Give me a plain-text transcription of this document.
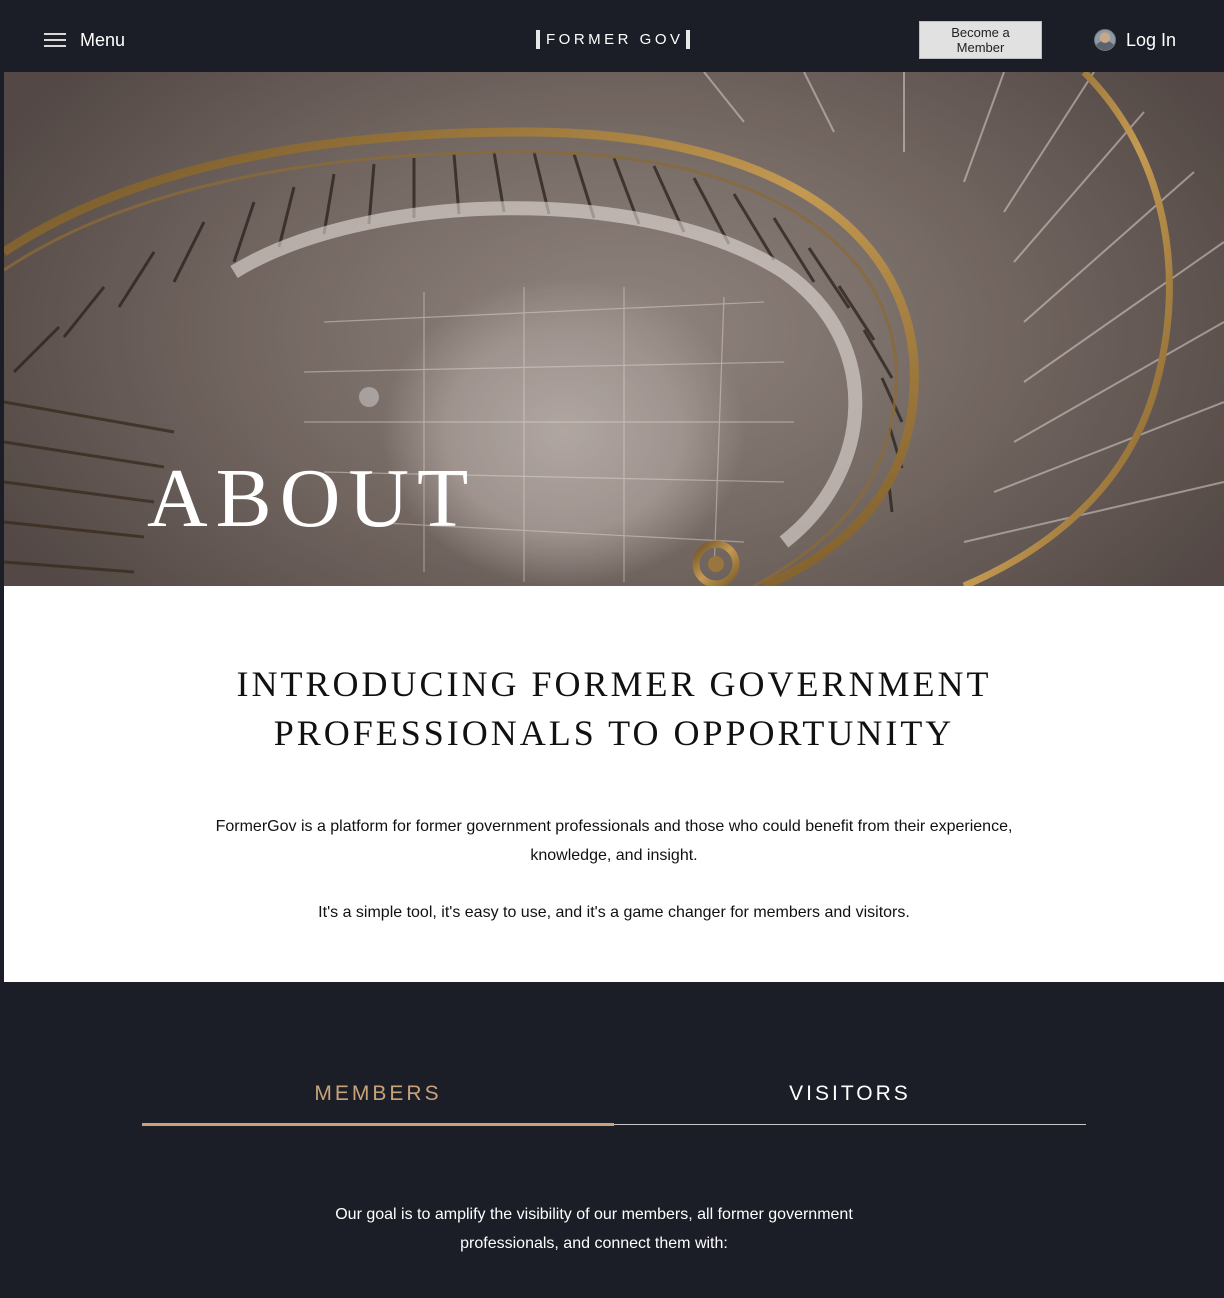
Menu	FORMER GOV	Become a Member	Log In
ABOUT
INTRODUCING FORMER GOVERNMENT
PROFESSIONALS TO OPPORTUNITY

FormerGov is a platform for former government professionals and those who could benefit from their experience, knowledge, and insight.

It's a simple tool, it's easy to use, and it's a game changer for members and visitors.

MEMBERS	VISITORS

Our goal is to amplify the visibility of our members, all former government professionals, and connect them with:
